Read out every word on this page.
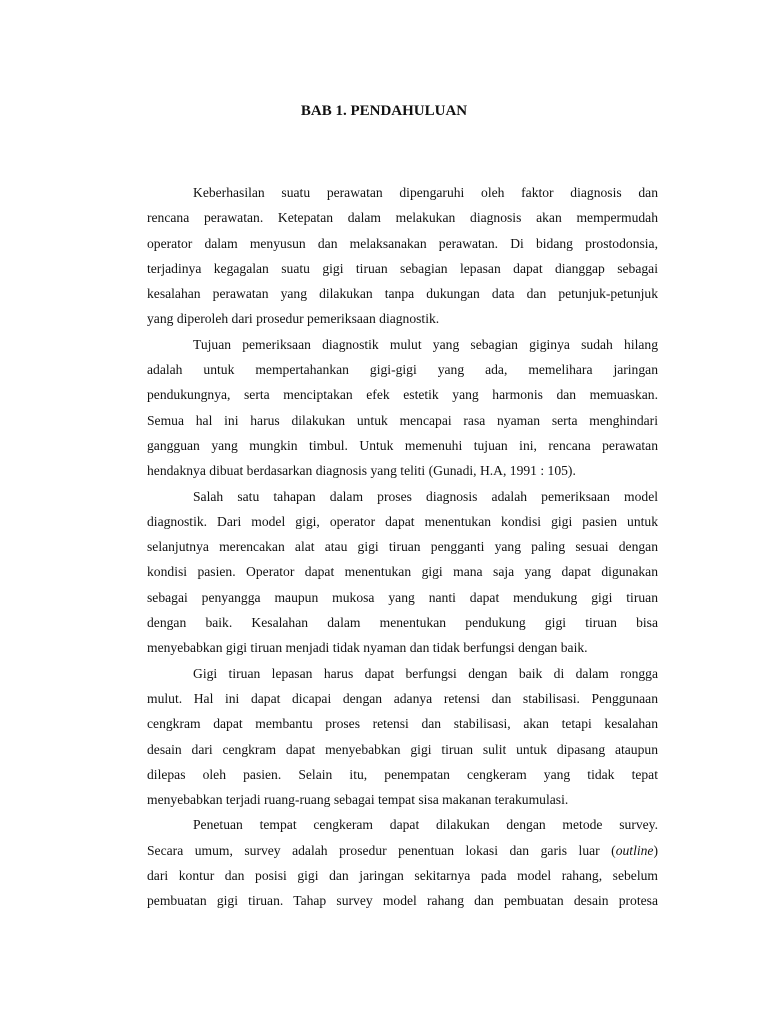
BAB 1. PENDAHULUAN

Keberhasilan suatu perawatan dipengaruhi oleh faktor diagnosis dan
rencana perawatan. Ketepatan dalam melakukan diagnosis akan mempermudah
operator dalam menyusun dan melaksanakan perawatan. Di bidang prostodonsia,
terjadinya kegagalan suatu gigi tiruan sebagian lepasan dapat dianggap sebagai
kesalahan perawatan yang dilakukan tanpa dukungan data dan petunjuk-petunjuk
yang diperoleh dari prosedur pemeriksaan diagnostik.

Tujuan pemeriksaan diagnostik mulut yang sebagian giginya sudah hilang
adalah untuk mempertahankan gigi-gigi yang ada, memelihara jaringan
pendukungnya, serta menciptakan efek estetik yang harmonis dan memuaskan.
Semua hal ini harus dilakukan untuk mencapai rasa nyaman serta menghindari
gangguan yang mungkin timbul. Untuk memenuhi tujuan ini, rencana perawatan
hendaknya dibuat berdasarkan diagnosis yang teliti (Gunadi, H.A, 1991 : 105).

Salah satu tahapan dalam proses diagnosis adalah pemeriksaan model
diagnostik. Dari model gigi, operator dapat menentukan kondisi gigi pasien untuk
selanjutnya merencakan alat atau gigi tiruan pengganti yang paling sesuai dengan
kondisi pasien. Operator dapat menentukan gigi mana saja yang dapat digunakan
sebagai penyangga maupun mukosa yang nanti dapat mendukung gigi tiruan
dengan baik. Kesalahan dalam menentukan pendukung gigi tiruan bisa
menyebabkan gigi tiruan menjadi tidak nyaman dan tidak berfungsi dengan baik.

Gigi tiruan lepasan harus dapat berfungsi dengan baik di dalam rongga
mulut. Hal ini dapat dicapai dengan adanya retensi dan stabilisasi. Penggunaan
cengkram dapat membantu proses retensi dan stabilisasi, akan tetapi kesalahan
desain dari cengkram dapat menyebabkan gigi tiruan sulit untuk dipasang ataupun
dilepas oleh pasien. Selain itu, penempatan cengkeram yang tidak tepat
menyebabkan terjadi ruang-ruang sebagai tempat sisa makanan terakumulasi.

Penetuan tempat cengkeram dapat dilakukan dengan metode survey.
Secara umum, survey adalah prosedur penentuan lokasi dan garis luar (outline)
dari kontur dan posisi gigi dan jaringan sekitarnya pada model rahang, sebelum
pembuatan gigi tiruan. Tahap survey model rahang dan pembuatan desain protesa
